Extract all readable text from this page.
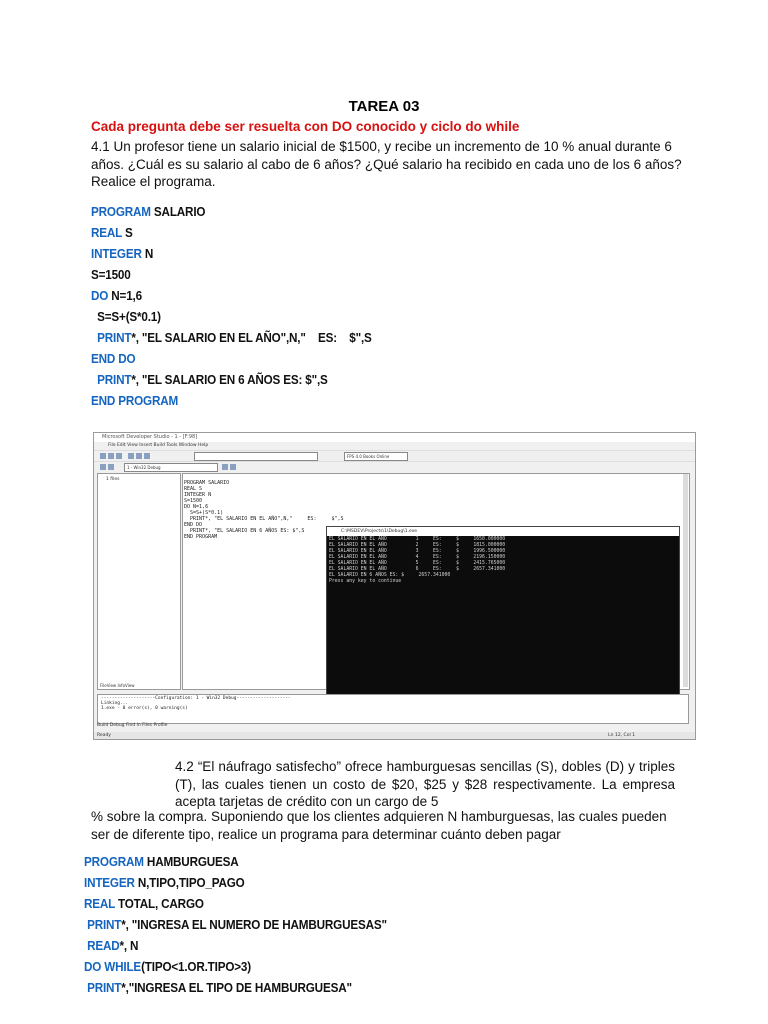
TAREA 03
Cada pregunta debe ser resuelta con DO conocido y ciclo do while
4.1 Un profesor tiene un salario inicial de $1500, y recibe un incremento de 10 % anual durante 6 años. ¿Cuál es su salario al cabo de 6 años? ¿Qué salario ha recibido en cada uno de los 6 años? Realice el programa.
PROGRAM SALARIO
REAL S
INTEGER N
S=1500
DO N=1,6
S=S+(S*0.1)
PRINT*, "EL SALARIO EN EL AÑO",N,"    ES:    $",S
END DO
PRINT*, "EL SALARIO EN 6 AÑOS ES: $",S
END PROGRAM
Microsoft Developer Studio - 1 - [F:98]
File Edit View Insert Build Tools Window Help
FPS 4.0 Books Online
1 - Win32 Debug
1 files
FileView InfoView
PROGRAM SALARIO
REAL S
INTEGER N
S=1500
DO N=1,6
S=S+(S*0.1)
PRINT*, "EL SALARIO EN EL AÑO",N,"     ES:     $",S
END DO
PRINT*, "EL SALARIO EN 6 AÑOS ES: $",S
END PROGRAM
C:\MSDEV\Projects\1\Debug\1.exe
EL SALARIO EN EL AÑO          1     ES:     $     1650.000000
EL SALARIO EN EL AÑO          2     ES:     $     1815.000000
EL SALARIO EN EL AÑO          3     ES:     $     1996.500000
EL SALARIO EN EL AÑO          4     ES:     $     2196.150000
EL SALARIO EN EL AÑO          5     ES:     $     2415.765000
EL SALARIO EN EL AÑO          6     ES:     $     2657.341000
EL SALARIO EN 6 AÑOS ES: $     2657.341000
Press any key to continue
--------------------Configuration: 1 - Win32 Debug--------------------
Linking...
1.exe - 0 error(s), 0 warning(s)
Build Debug Find in Files Profile
Ready	Ln 12, Col 1
4.2 “El náufrago satisfecho” ofrece hamburguesas sencillas (S), dobles (D) y triples (T), las cuales tienen un costo de $20, $25 y $28 respectivamente. La empresa acepta tarjetas de crédito con un cargo de 5
% sobre la compra. Suponiendo que los clientes adquieren N hamburguesas, las cuales pueden ser de diferente tipo, realice un programa para determinar cuánto deben pagar
PROGRAM HAMBURGUESA
INTEGER N,TIPO,TIPO_PAGO
REAL TOTAL, CARGO
PRINT*, "INGRESA EL NUMERO DE HAMBURGUESAS"
READ*, N
DO WHILE(TIPO<1.OR.TIPO>3)
PRINT*,"INGRESA EL TIPO DE HAMBURGUESA"
